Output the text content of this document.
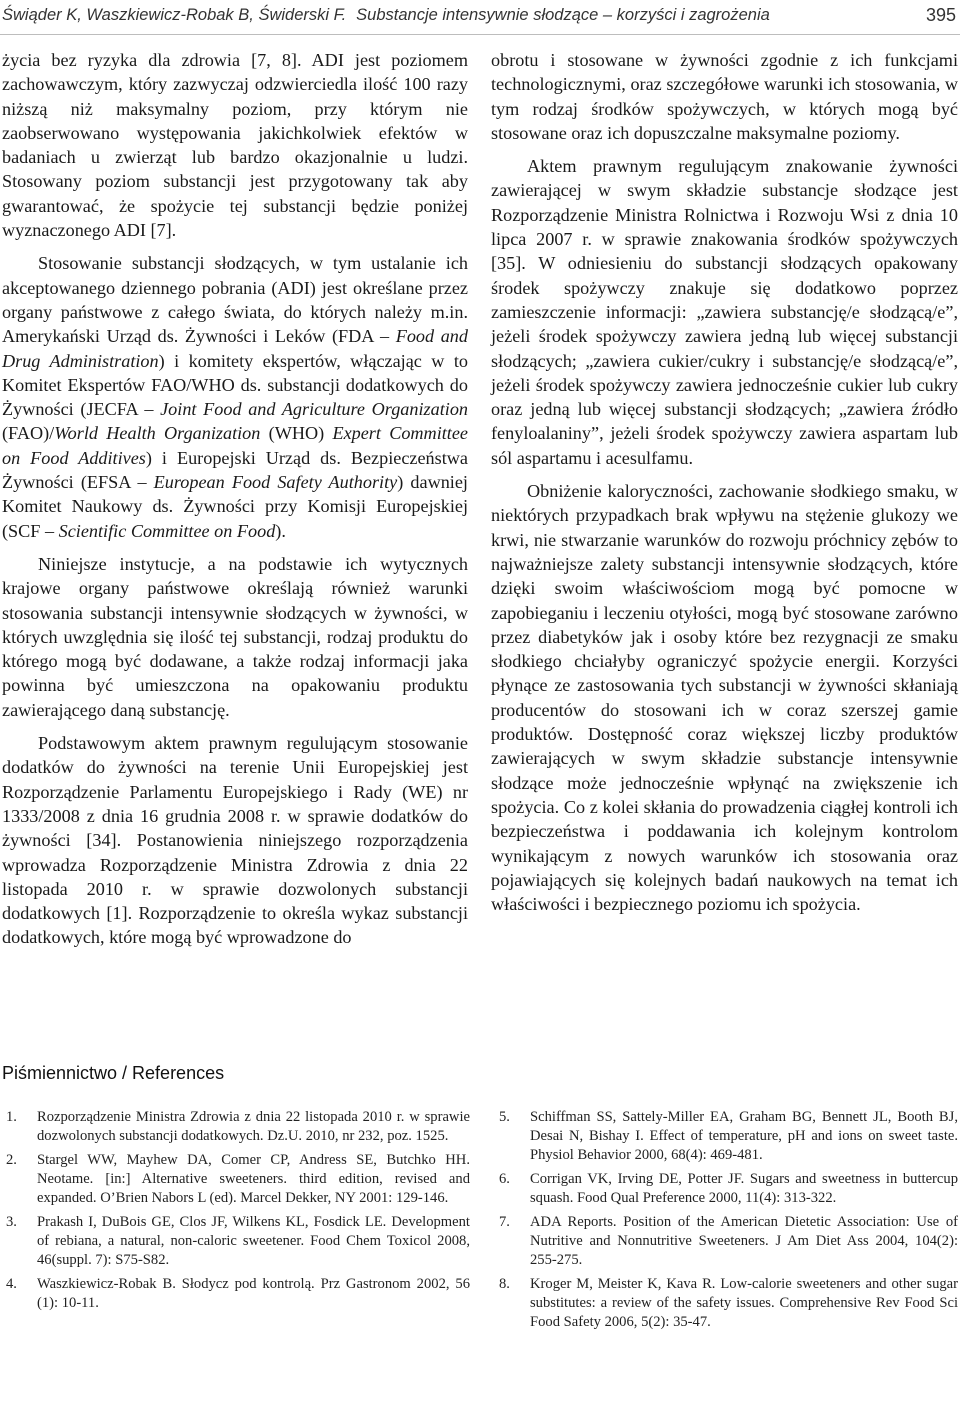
Świąder K, Waszkiewicz-Robak B, Świderski F. Substancje intensywnie słodzące – korzyści i zagrożenia	395

życia bez ryzyka dla zdrowia [7, 8]. ADI jest poziomem zachowawczym, który zazwyczaj odzwierciedla ilość 100 razy niższą niż maksymalny poziom, przy którym nie zaobserwowano występowania jakichkolwiek efektów w badaniach u zwierząt lub bardzo okazjonalnie u ludzi. Stosowany poziom substancji jest przygotowany tak aby gwarantować, że spożycie tej substancji będzie poniżej wyznaczonego ADI [7].

Stosowanie substancji słodzących, w tym ustalanie ich akceptowanego dziennego pobrania (ADI) jest określane przez organy państwowe z całego świata, do których należy m.in. Amerykański Urząd ds. Żywności i Leków (FDA – Food and Drug Administration) i komitety ekspertów, włączając w to Komitet Ekspertów FAO/WHO ds. substancji dodatkowych do Żywności (JECFA – Joint Food and Agriculture Organization (FAO)/World Health Organization (WHO) Expert Committee on Food Additives) i Europejski Urząd ds. Bezpieczeństwa Żywności (EFSA – European Food Safety Authority) dawniej Komitet Naukowy ds. Żywności przy Komisji Europejskiej (SCF – Scientific Committee on Food).

Niniejsze instytucje, a na podstawie ich wytycznych krajowe organy państwowe określają również warunki stosowania substancji intensywnie słodzących w żywności, w których uwzględnia się ilość tej substancji, rodzaj produktu do którego mogą być dodawane, a także rodzaj informacji jaka powinna być umieszczona na opakowaniu produktu zawierającego daną substancję.

Podstawowym aktem prawnym regulującym stosowanie dodatków do żywności na terenie Unii Europejskiej jest Rozporządzenie Parlamentu Europejskiego i Rady (WE) nr 1333/2008 z dnia 16 grudnia 2008 r. w sprawie dodatków do żywności [34]. Postanowienia niniejszego rozporządzenia wprowadza Rozporządzenie Ministra Zdrowia z dnia 22 listopada 2010 r. w sprawie dozwolonych substancji dodatkowych [1]. Rozporządzenie to określa wykaz substancji dodatkowych, które mogą być wprowadzone do

obrotu i stosowane w żywności zgodnie z ich funkcjami technologicznymi, oraz szczegółowe warunki ich stosowania, w tym rodzaj środków spożywczych, w których mogą być stosowane oraz ich dopuszczalne maksymalne poziomy.

Aktem prawnym regulującym znakowanie żywności zawierającej w swym składzie substancje słodzące jest Rozporządzenie Ministra Rolnictwa i Rozwoju Wsi z dnia 10 lipca 2007 r. w sprawie znakowania środków spożywczych [35]. W odniesieniu do substancji słodzących opakowany środek spożywczy znakuje się dodatkowo poprzez zamieszczenie informacji: „zawiera substancję/e słodzącą/e”, jeżeli środek spożywczy zawiera jedną lub więcej substancji słodzących; „zawiera cukier/cukry i substancję/e słodzącą/e”, jeżeli środek spożywczy zawiera jednocześnie cukier lub cukry oraz jedną lub więcej substancji słodzących; „zawiera źródło fenyloalaniny”, jeżeli środek spożywczy zawiera aspartam lub sól aspartamu i acesulfamu.

Obniżenie kaloryczności, zachowanie słodkiego smaku, w niektórych przypadkach brak wpływu na stężenie glukozy we krwi, nie stwarzanie warunków do rozwoju próchnicy zębów to najważniejsze zalety substancji intensywnie słodzących, które dzięki swoim właściwościom mogą być pomocne w zapobieganiu i leczeniu otyłości, mogą być stosowane zarówno przez diabetyków jak i osoby które bez rezygnacji ze smaku słodkiego chciałyby ograniczyć spożycie energii. Korzyści płynące ze zastosowania tych substancji w żywności skłaniają producentów do stosowani ich w coraz szerszej gamie produktów. Dostępność coraz większej liczby produktów zawierających w swym składzie substancje intensywnie słodzące może jednocześnie wpłynąć na zwiększenie ich spożycia. Co z kolei skłania do prowadzenia ciągłej kontroli ich bezpieczeństwa i poddawania ich kolejnym kontrolom wynikającym z nowych warunków ich stosowania oraz pojawiających się kolejnych badań naukowych na temat ich właściwości i bezpiecznego poziomu ich spożycia.

Piśmiennictwo / References
1. Rozporządzenie Ministra Zdrowia z dnia 22 listopada 2010 r. w sprawie dozwolonych substancji dodatkowych. Dz.U. 2010, nr 232, poz. 1525.
2. Stargel WW, Mayhew DA, Comer CP, Andress SE, Butchko HH. Neotame. [in:] Alternative sweeteners. third edition, revised and expanded. O’Brien Nabors L (ed). Marcel Dekker, NY 2001: 129-146.
3. Prakash I, DuBois GE, Clos JF, Wilkens KL, Fosdick LE. Development of rebiana, a natural, non-caloric sweetener. Food Chem Toxicol 2008, 46(suppl. 7): S75-S82.
4. Waszkiewicz-Robak B. Słodycz pod kontrolą. Prz Gastronom 2002, 56 (1): 10-11.
5. Schiffman SS, Sattely-Miller EA, Graham BG, Bennett JL, Booth BJ, Desai N, Bishay I. Effect of temperature, pH and ions on sweet taste. Physiol Behavior 2000, 68(4): 469-481.
6. Corrigan VK, Irving DE, Potter JF. Sugars and sweetness in buttercup squash. Food Qual Preference 2000, 11(4): 313-322.
7. ADA Reports. Position of the American Dietetic Association: Use of Nutritive and Nonnutritive Sweeteners. J Am Diet Ass 2004, 104(2): 255-275.
8. Kroger M, Meister K, Kava R. Low-calorie sweeteners and other sugar substitutes: a review of the safety issues. Comprehensive Rev Food Sci Food Safety 2006, 5(2): 35-47.
